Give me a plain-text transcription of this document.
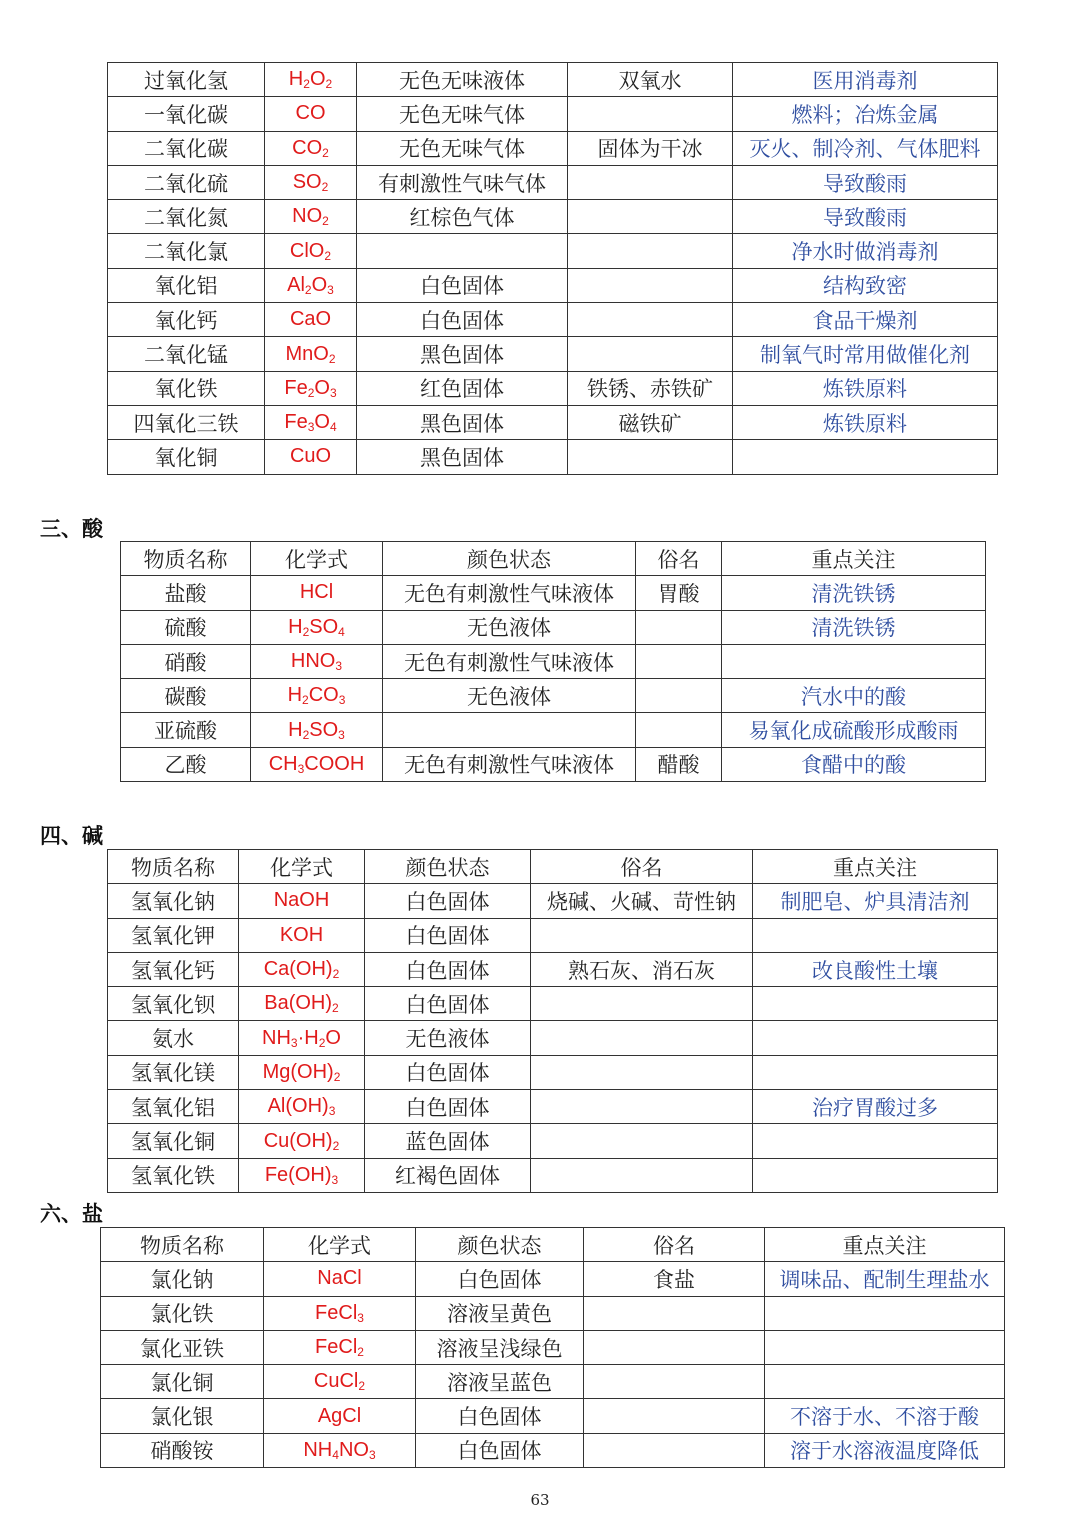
过氧化氢	$H_2O_2$	无色无味液体	双氧水	医用消毒剂
一氧化碳	CO	无色无味气体		燃料；冶炼金属
二氧化碳	$CO_2$	无色无味气体	固体为干冰	灭火、制冷剂、气体肥料
二氧化硫	$SO_2$	有刺激性气味气体		导致酸雨
二氧化氮	$NO_2$	红棕色气体		导致酸雨
二氧化氯	ClO$_2$			净水时做消毒剂
氧化铝	$Al_2O_3$	白色固体		结构致密
氧化钙	CaO	白色固体		食品干燥剂
二氧化锰	MnO$_2$	黑色固体		制氧气时常用做催化剂
氧化铁	$Fe_2O_3$	红色固体	铁锈、赤铁矿	炼铁原料
四氧化三铁	$Fe_3O_4$	黑色固体	磁铁矿	炼铁原料
氧化铜	CuO	黑色固体		
三、酸
物质名称	化学式	颜色状态	俗名	重点关注
盐酸	HCl	无色有刺激性气味液体	胃酸	清洗铁锈
硫酸	$H_2SO_4$	无色液体		清洗铁锈
硝酸	$HNO_3$	无色有刺激性气味液体		
碳酸	$H_2CO_3$	无色液体		汽水中的酸
亚硫酸	$H_2SO_3$			易氧化成硫酸形成酸雨
乙酸	$CH_3COOH$	无色有刺激性气味液体	醋酸	食醋中的酸
四、碱
物质名称	化学式	颜色状态	俗名	重点关注
氢氧化钠	NaOH	白色固体	烧碱、火碱、苛性钠	制肥皂、炉具清洁剂
氢氧化钾	KOH	白色固体		
氢氧化钙	$Ca(OH)_2$	白色固体	熟石灰、消石灰	改良酸性土壤
氢氧化钡	$Ba(OH)_2$	白色固体		
氨水	$NH_3\cdot H_2O$	无色液体		
氢氧化镁	$Mg(OH)_2$	白色固体		
氢氧化铝	$Al(OH)_3$	白色固体		治疗胃酸过多
氢氧化铜	$Cu(OH)_2$	蓝色固体		
氢氧化铁	$Fe(OH)_3$	红褐色固体		
六、盐
物质名称	化学式	颜色状态	俗名	重点关注
氯化钠	NaCl	白色固体	食盐	调味品、配制生理盐水
氯化铁	FeCl$_3$	溶液呈黄色		
氯化亚铁	FeCl$_2$	溶液呈浅绿色		
氯化铜	CuCl$_2$	溶液呈蓝色		
氯化银	AgCl	白色固体		不溶于水、不溶于酸
硝酸铵	$NH_4NO_3$	白色固体		溶于水溶液温度降低
63
